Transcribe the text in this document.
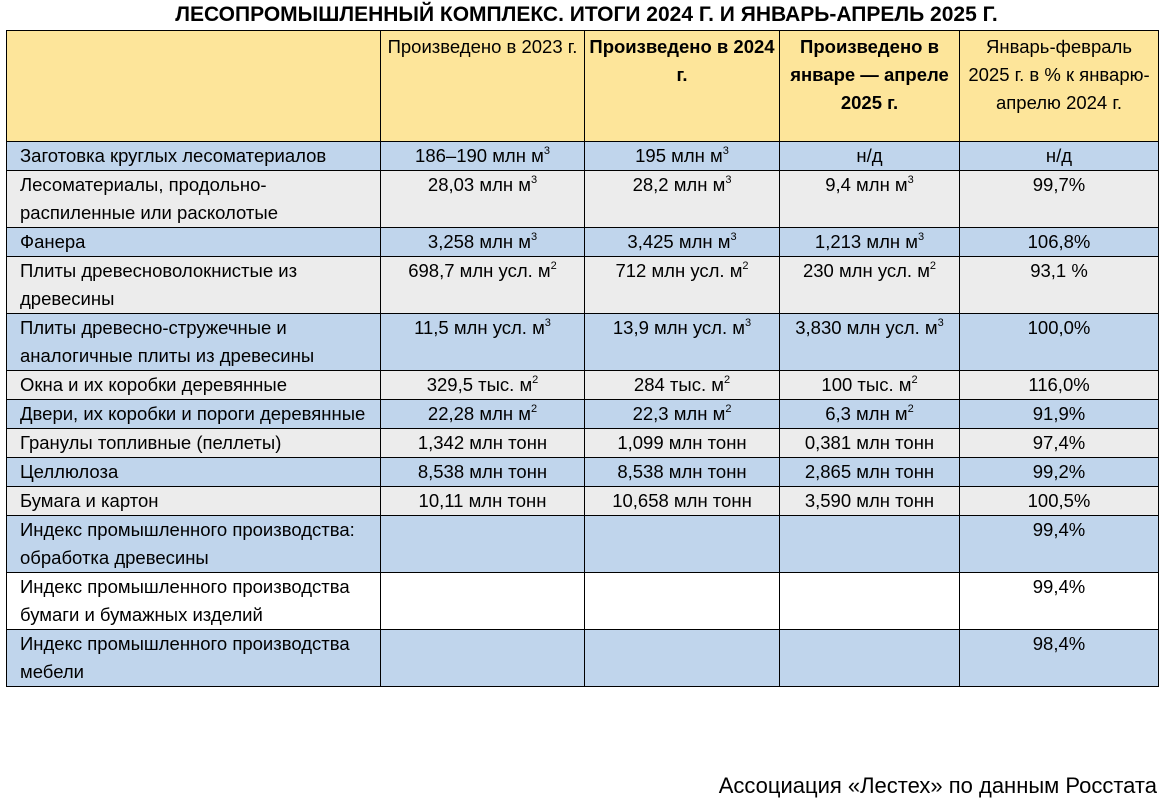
ЛЕСОПРОМЫШЛЕННЫЙ КОМПЛЕКС. ИТОГИ 2024 Г. И ЯНВАРЬ-АПРЕЛЬ 2025 Г.
	Произведено в 2023 г.	Произведено в 2024 г.	Произведено в январе — апреле 2025 г.	Январь-февраль 2025 г. в % к январю-апрелю 2024 г.
Заготовка круглых лесоматериалов	186–190 млн $м^3$	195 млн $м^3$	н/д	н/д
Лесоматериалы, продольно-распиленные или расколотые	28,03 млн $м^3$	28,2 млн $м^3$	9,4 млн $м^3$	99,7%
Фанера	3,258 млн $м^3$	3,425 млн $м^3$	1,213 млн $м^3$	106,8%
Плиты древесноволокнистые из древесины	698,7 млн усл. $м^2$	712 млн усл. $м^2$	230 млн усл. $м^2$	93,1 %
Плиты древесно-стружечные и аналогичные плиты из древесины	11,5 млн усл. $м^3$	13,9 млн усл. $м^3$	3,830 млн усл. $м^3$	100,0%
Окна и их коробки деревянные	329,5 тыс. $м^2$	284 тыс. $м^2$	100 тыс. $м^2$	116,0%
Двери, их коробки и пороги деревянные	22,28 млн $м^2$	22,3 млн $м^2$	6,3 млн $м^2$	91,9%
Гранулы топливные (пеллеты)	1,342 млн тонн	1,099 млн тонн	0,381 млн тонн	97,4%
Целлюлоза	8,538 млн тонн	8,538 млн тонн	2,865 млн тонн	99,2%
Бумага и картон	10,11 млн тонн	10,658 млн тонн	3,590 млн тонн	100,5%
Индекс промышленного производства: обработка древесины				99,4%
Индекс промышленного производства бумаги и бумажных изделий				99,4%
Индекс промышленного производства мебели				98,4%
Ассоциация «Лестех» по данным Росстата
